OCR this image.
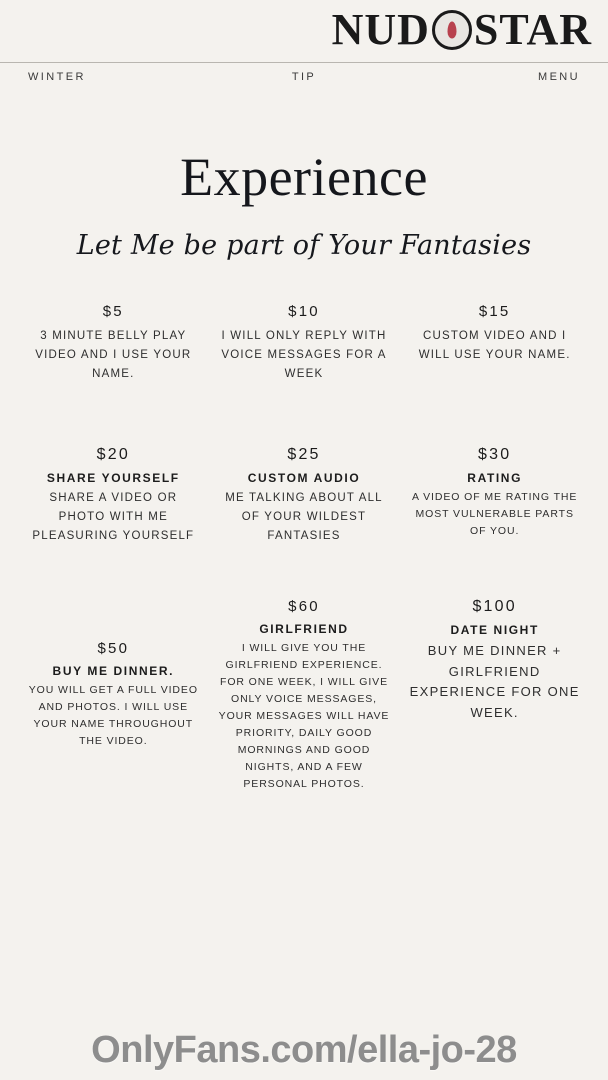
NUD STAR
WINTER	TIP	MENU
Experience
Let Me be part of Your Fantasies
$5
3 MINUTE BELLY PLAY VIDEO AND I USE YOUR NAME.
$10
I WILL ONLY REPLY WITH VOICE MESSAGES FOR A WEEK
$15
CUSTOM VIDEO AND I WILL USE YOUR NAME.
$20
SHARE YOURSELF
SHARE A VIDEO OR PHOTO WITH ME PLEASURING YOURSELF
$25
CUSTOM AUDIO
ME TALKING ABOUT ALL OF YOUR WILDEST FANTASIES
$30
RATING
A VIDEO OF ME RATING THE MOST VULNERABLE PARTS OF YOU.
$50
BUY ME DINNER.
YOU WILL GET A FULL VIDEO AND PHOTOS. I WILL USE YOUR NAME THROUGHOUT THE VIDEO.
$60
GIRLFRIEND
I WILL GIVE YOU THE GIRLFRIEND EXPERIENCE. FOR ONE WEEK, I WILL GIVE ONLY VOICE MESSAGES, YOUR MESSAGES WILL HAVE PRIORITY, DAILY GOOD MORNINGS AND GOOD NIGHTS, AND A FEW PERSONAL PHOTOS.
$100
DATE NIGHT
BUY ME DINNER + GIRLFRIEND EXPERIENCE FOR ONE WEEK.
OnlyFans.com/ella-jo-28
